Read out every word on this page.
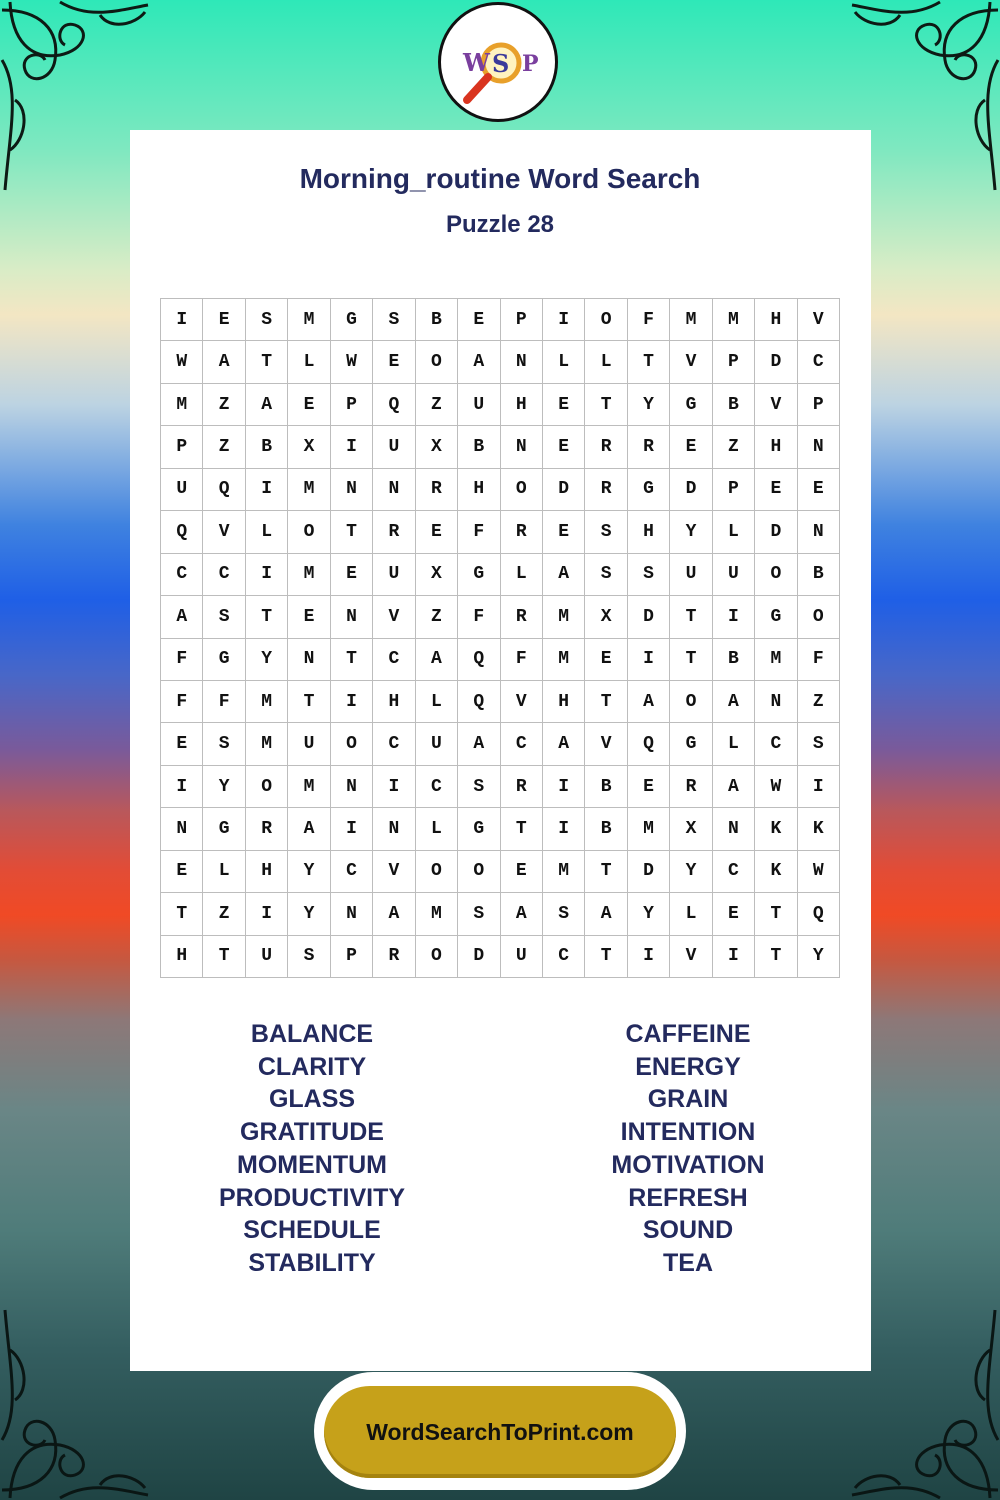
W S P
Morning_routine Word Search
Puzzle 28
I	E	S	M	G	S	B	E	P	I	O	F	M	M	H	V
W	A	T	L	W	E	O	A	N	L	L	T	V	P	D	C
M	Z	A	E	P	Q	Z	U	H	E	T	Y	G	B	V	P
P	Z	B	X	I	U	X	B	N	E	R	R	E	Z	H	N
U	Q	I	M	N	N	R	H	O	D	R	G	D	P	E	E
Q	V	L	O	T	R	E	F	R	E	S	H	Y	L	D	N
C	C	I	M	E	U	X	G	L	A	S	S	U	U	O	B
A	S	T	E	N	V	Z	F	R	M	X	D	T	I	G	O
F	G	Y	N	T	C	A	Q	F	M	E	I	T	B	M	F
F	F	M	T	I	H	L	Q	V	H	T	A	O	A	N	Z
E	S	M	U	O	C	U	A	C	A	V	Q	G	L	C	S
I	Y	O	M	N	I	C	S	R	I	B	E	R	A	W	I
N	G	R	A	I	N	L	G	T	I	B	M	X	N	K	K
E	L	H	Y	C	V	O	O	E	M	T	D	Y	C	K	W
T	Z	I	Y	N	A	M	S	A	S	A	Y	L	E	T	Q
H	T	U	S	P	R	O	D	U	C	T	I	V	I	T	Y
BALANCE
CLARITY
GLASS
GRATITUDE
MOMENTUM
PRODUCTIVITY
SCHEDULE
STABILITY
CAFFEINE
ENERGY
GRAIN
INTENTION
MOTIVATION
REFRESH
SOUND
TEA
WordSearchToPrint.com
